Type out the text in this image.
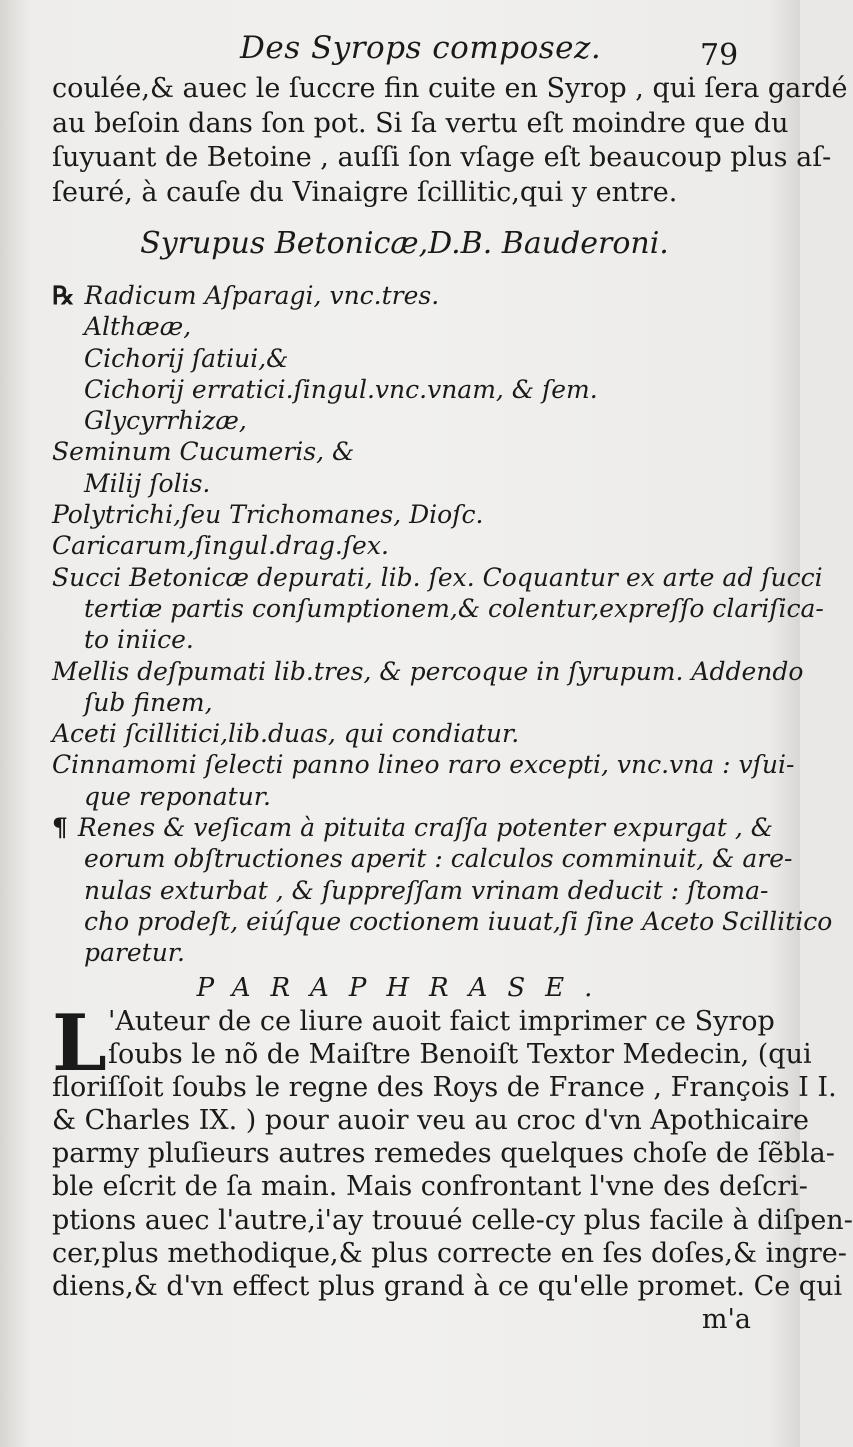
Des Syrops composez.	79
coulée,& auec le ſuccre fin cuite en Syrop , qui ſera gardé
au beſoin dans ſon pot. Si ſa vertu eſt moindre que du
ſuyuant de Betoine , auſſi ſon vſage eſt beaucoup plus aſ-
ſeuré, à cauſe du Vinaigre ſcillitic,qui y entre.
Syrupus Betonicæ,D.B. Bauderoni.
℞ Radicum Aſparagi, vnc.tres.
Althææ,
Cichorij ſatiui,&
Cichorij erratici.ſingul.vnc.vnam, & ſem.
Glycyrrhizæ,
Seminum Cucumeris, &
Milij ſolis.
Polytrichi,ſeu Trichomanes, Dioſc.
Caricarum,ſingul.drag.ſex.
Succi Betonicæ depurati, lib. ſex. Coquantur ex arte ad ſucci
tertiæ partis conſumptionem,& colentur,expreſſo clariſica-
to iniice.
Mellis deſpumati lib.tres, & percoque in ſyrupum. Addendo
ſub finem,
Aceti ſcillitici,lib.duas, qui condiatur.
Cinnamomi ſelecti panno lineo raro excepti, vnc.vna : vſui-
que reponatur.
¶ Renes & veſicam à pituita craſſa potenter expurgat , &
eorum obſtructiones aperit : calculos comminuit, & are-
nulas exturbat , & ſuppreſſam vrinam deducit : ſtoma-
cho prodeſt, eiúſque coctionem iuuat,ſi ſine Aceto Scillitico
paretur.
PARAPHRASE.
L 'Auteur de ce liure auoit faict imprimer ce Syrop
ſoubs le nõ de Maiſtre Benoiſt Textor Medecin, (qui
floriſſoit ſoubs le regne des Roys de France , François I I.
& Charles IX. ) pour auoir veu au croc d'vn Apothicaire
parmy pluſieurs autres remedes quelques choſe de ſẽbla-
ble eſcrit de ſa main. Mais confrontant l'vne des deſcri-
ptions auec l'autre,i'ay trouué celle-cy plus facile à diſpen-
cer,plus methodique,& plus correcte en ſes doſes,& ingre-
diens,& d'vn effect plus grand à ce qu'elle promet. Ce qui
m'a
